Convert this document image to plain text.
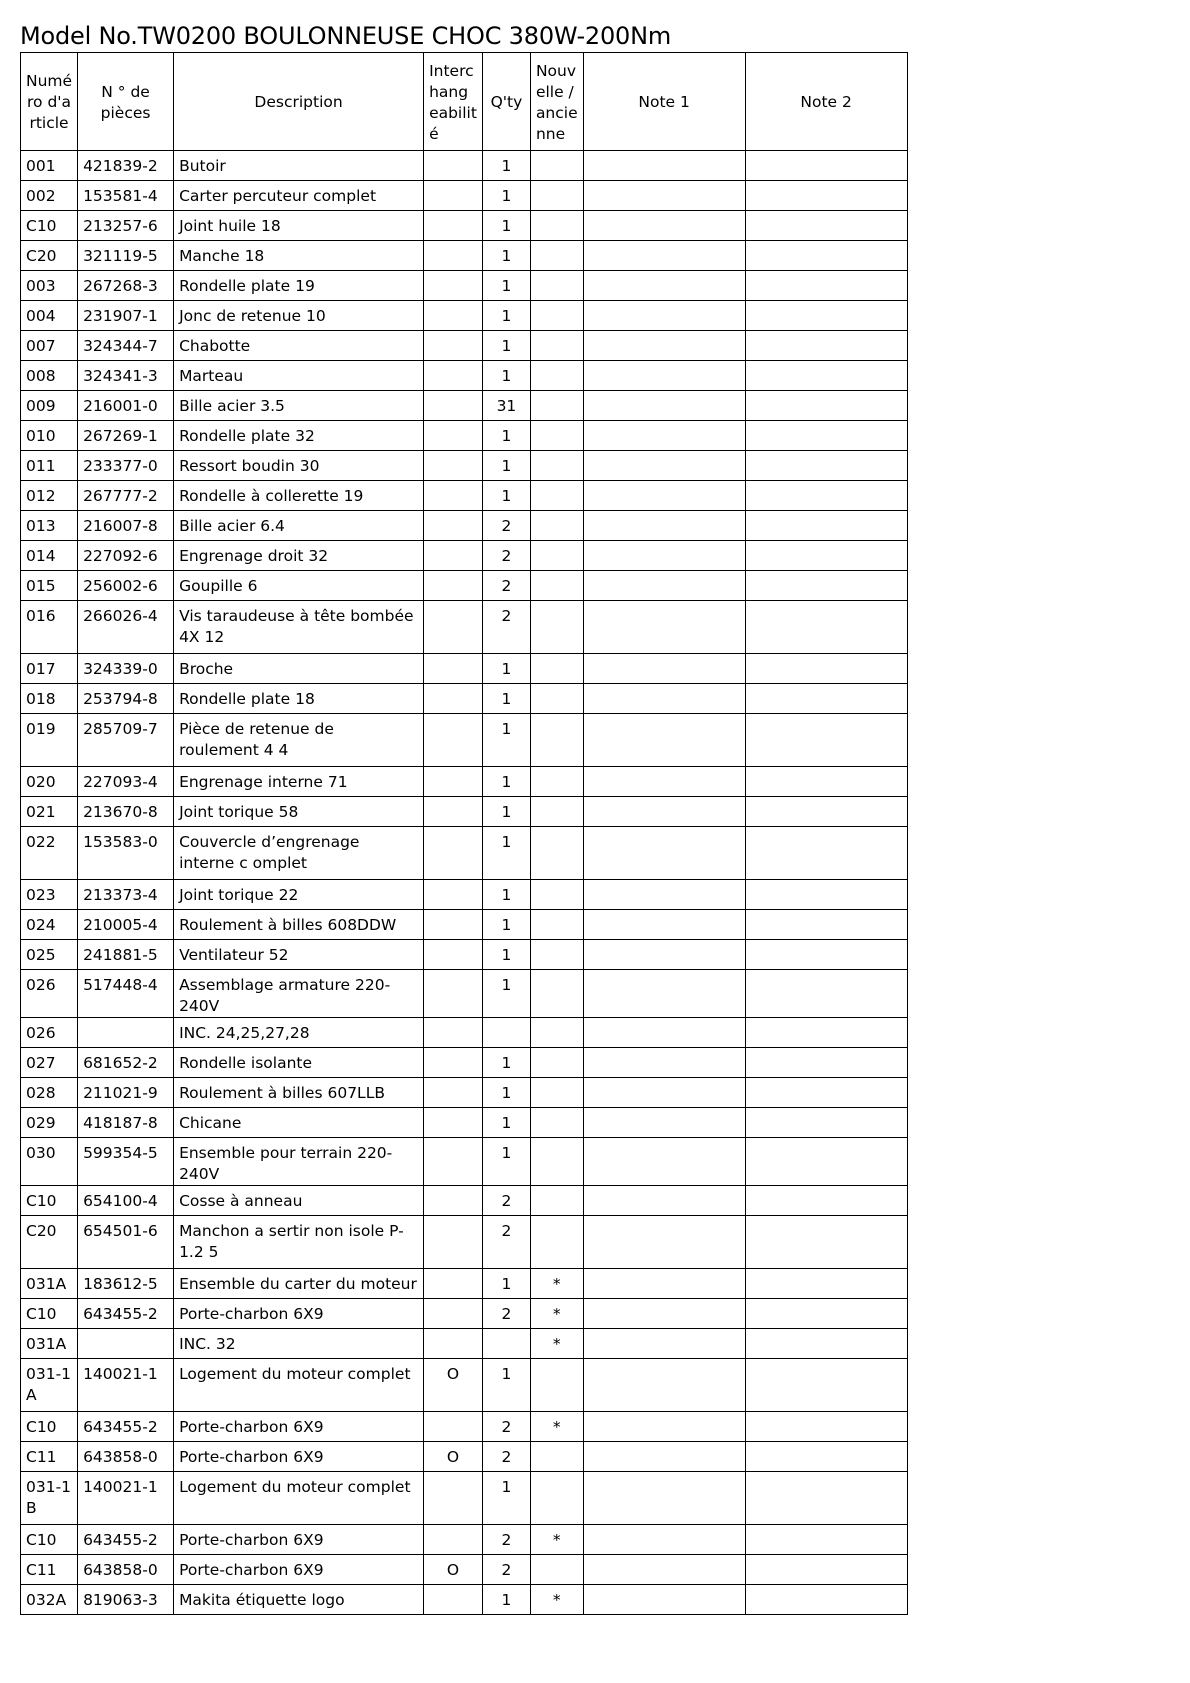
Model No.TW0200 BOULONNEUSE CHOC 380W-200Nm
Numé ro d'a rticle	N ° de pièces	Description	Interc hang eabilit é	Q'ty	Nouv elle / ancie nne	Note 1	Note 2
001	421839-2	Butoir		1			
002	153581-4	Carter percuteur complet		1			
C10	213257-6	Joint huile 18		1			
C20	321119-5	Manche 18		1			
003	267268-3	Rondelle plate 19		1			
004	231907-1	Jonc de retenue 10		1			
007	324344-7	Chabotte		1			
008	324341-3	Marteau		1			
009	216001-0	Bille acier 3.5		31			
010	267269-1	Rondelle plate 32		1			
011	233377-0	Ressort boudin 30		1			
012	267777-2	Rondelle à collerette 19		1			
013	216007-8	Bille acier 6.4		2			
014	227092-6	Engrenage droit 32		2			
015	256002-6	Goupille 6		2			
016	266026-4	Vis taraudeuse à tête bombée 4X 12		2			
017	324339-0	Broche		1			
018	253794-8	Rondelle plate 18		1			
019	285709-7	Pièce de retenue de roulement 4 4		1			
020	227093-4	Engrenage interne 71		1			
021	213670-8	Joint torique 58		1			
022	153583-0	Couvercle d’engrenage interne c omplet		1			
023	213373-4	Joint torique 22		1			
024	210005-4	Roulement à billes 608DDW		1			
025	241881-5	Ventilateur 52		1			
026	517448-4	Assemblage armature 220-240V		1			
026		INC. 24,25,27,28					
027	681652-2	Rondelle isolante		1			
028	211021-9	Roulement à billes 607LLB		1			
029	418187-8	Chicane		1			
030	599354-5	Ensemble pour terrain 220-240V		1			
C10	654100-4	Cosse à anneau		2			
C20	654501-6	Manchon a sertir non isole P-1.2 5		2			
031A	183612-5	Ensemble du carter du moteur		1	*		
C10	643455-2	Porte-charbon 6X9		2	*		
031A		INC. 32			*		
031-1 A	140021-1	Logement du moteur complet	O	1			
C10	643455-2	Porte-charbon 6X9		2	*		
C11	643858-0	Porte-charbon 6X9	O	2			
031-1 B	140021-1	Logement du moteur complet		1			
C10	643455-2	Porte-charbon 6X9		2	*		
C11	643858-0	Porte-charbon 6X9	O	2			
032A	819063-3	Makita étiquette logo		1	*		
